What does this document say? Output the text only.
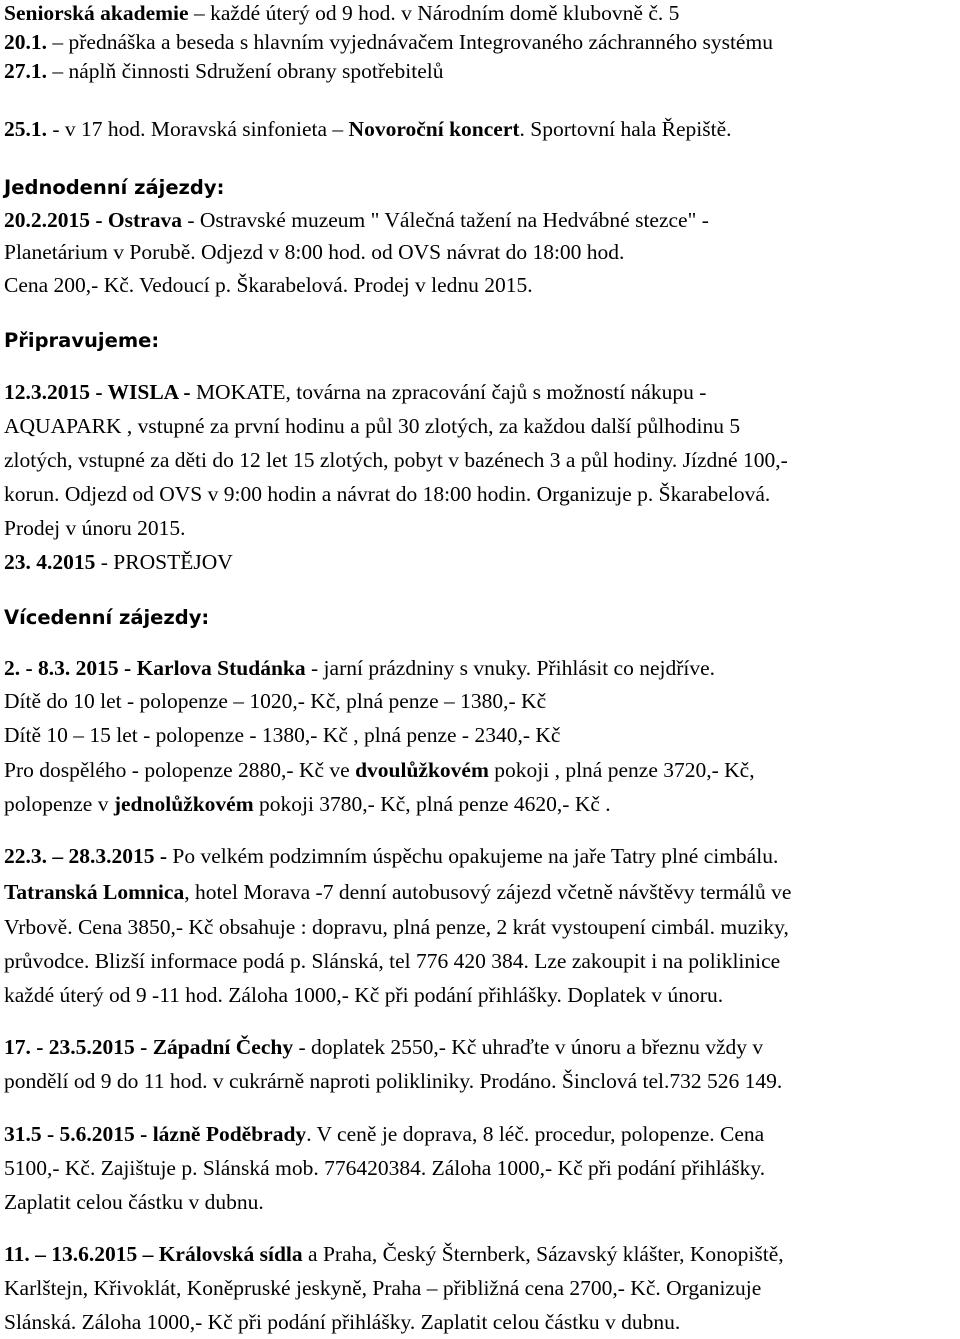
Seniorská akademie – každé úterý od 9 hod. v Národním domě klubovně č. 5
20.1. – přednáška a beseda s hlavním vyjednávačem Integrovaného záchranného systému
27.1. – náplň činnosti Sdružení obrany spotřebitelů
25.1. - v 17 hod. Moravská sinfonieta – Novoroční koncert. Sportovní hala Řepiště.
Jednodenní zájezdy:
20.2.2015 - Ostrava - Ostravské muzeum " Válečná tažení na Hedvábné stezce" -
Planetárium v Porubě. Odjezd v 8:00 hod. od OVS návrat do 18:00 hod.
Cena 200,- Kč. Vedoucí p. Škarabelová. Prodej v lednu 2015.
Připravujeme:
12.3.2015 - WISLA - MOKATE, továrna na zpracování čajů s možností nákupu -
AQUAPARK , vstupné za první hodinu a půl 30 zlotých, za každou další půlhodinu 5
zlotých, vstupné za děti do 12 let 15 zlotých, pobyt v bazénech 3 a půl hodiny. Jízdné 100,-
korun. Odjezd od OVS v 9:00 hodin a návrat do 18:00 hodin. Organizuje p. Škarabelová.
Prodej v únoru 2015.
23. 4.2015 - PROSTĚJOV
Vícedenní zájezdy:
2. - 8.3. 2015 - Karlova Studánka - jarní prázdniny s vnuky. Přihlásit co nejdříve.
Dítě do 10 let - polopenze – 1020,- Kč, plná penze – 1380,- Kč
Dítě 10 – 15 let - polopenze - 1380,- Kč , plná penze - 2340,- Kč
Pro dospělého - polopenze 2880,- Kč ve dvoulůžkovém pokoji , plná penze 3720,- Kč,
polopenze v jednolůžkovém pokoji 3780,- Kč, plná penze 4620,- Kč .
22.3. – 28.3.2015 - Po velkém podzimním úspěchu opakujeme na jaře Tatry plné cimbálu.
Tatranská Lomnica, hotel Morava -7 denní autobusový zájezd včetně návštěvy termálů ve
Vrbově. Cena 3850,- Kč obsahuje : dopravu, plná penze, 2 krát vystoupení cimbál. muziky,
průvodce. Blizší informace podá p. Slánská, tel 776 420 384. Lze zakoupit i na poliklinice
každé úterý od 9 -11 hod. Záloha 1000,- Kč při podání přihlášky. Doplatek v únoru.
17. - 23.5.2015 - Západní Čechy - doplatek 2550,- Kč uhraďte v únoru a březnu vždy v
pondělí od 9 do 11 hod. v cukrárně naproti polikliniky. Prodáno. Šinclová tel.732 526 149.
31.5 - 5.6.2015 - lázně Poděbrady. V ceně je doprava, 8 léč. procedur, polopenze. Cena
5100,- Kč. Zajištuje p. Slánská mob. 776420384. Záloha 1000,- Kč při podání přihlášky.
Zaplatit celou částku v dubnu.
11. – 13.6.2015 – Královská sídla a Praha, Český Šternberk, Sázavský klášter, Konopiště,
Karlštejn, Křivoklát, Koněpruské jeskyně, Praha – přibližná cena 2700,- Kč. Organizuje
Slánská. Záloha 1000,- Kč při podání přihlášky. Zaplatit celou částku v dubnu.
